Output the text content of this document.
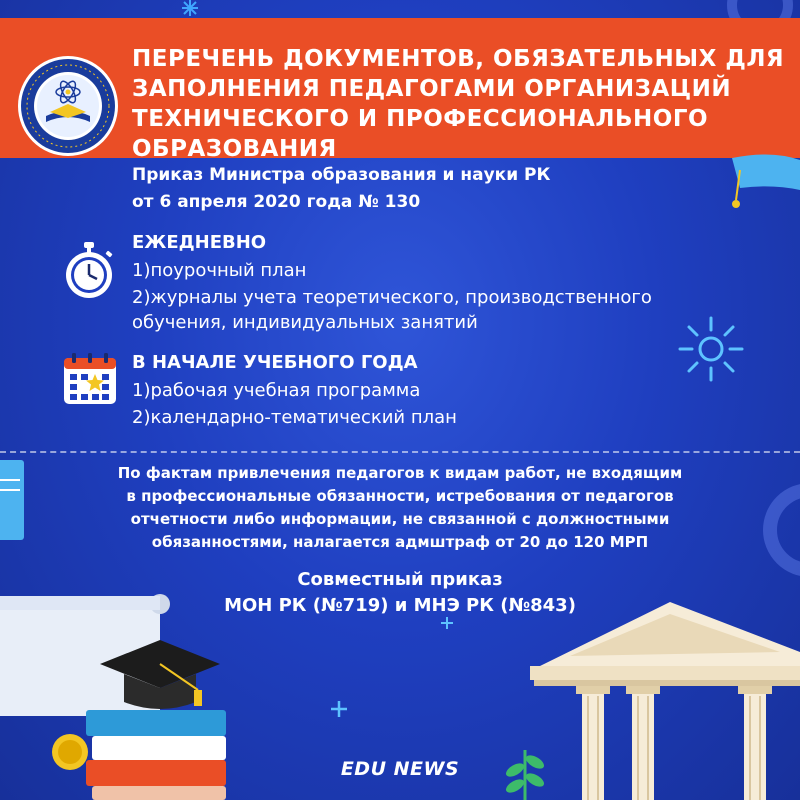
ПЕРЕЧЕНЬ ДОКУМЕНТОВ, ОБЯЗАТЕЛЬНЫХ ДЛЯ ЗАПОЛНЕНИЯ ПЕДАГОГАМИ ОРГАНИЗАЦИЙ ТЕХНИЧЕСКОГО И ПРОФЕССИОНАЛЬНОГО ОБРАЗОВАНИЯ
Приказ Министра образования и науки РК
от 6 апреля 2020 года № 130
ЕЖЕДНЕВНО
1)поурочный план
2)журналы учета теоретического, производственного
обучения, индивидуальных занятий
В НАЧАЛЕ УЧЕБНОГО ГОДА
1)рабочая учебная программа
2)календарно-тематический план
По фактам привлечения педагогов к видам работ, не входящим
в профессиональные обязанности, истребования от педагогов
отчетности либо информации, не связанной с должностными
обязанностями, налагается адмштраф от 20 до 120 МРП
Совместный приказ
МОН РК (№719) и МНЭ РК (№843)
EDU NEWS
